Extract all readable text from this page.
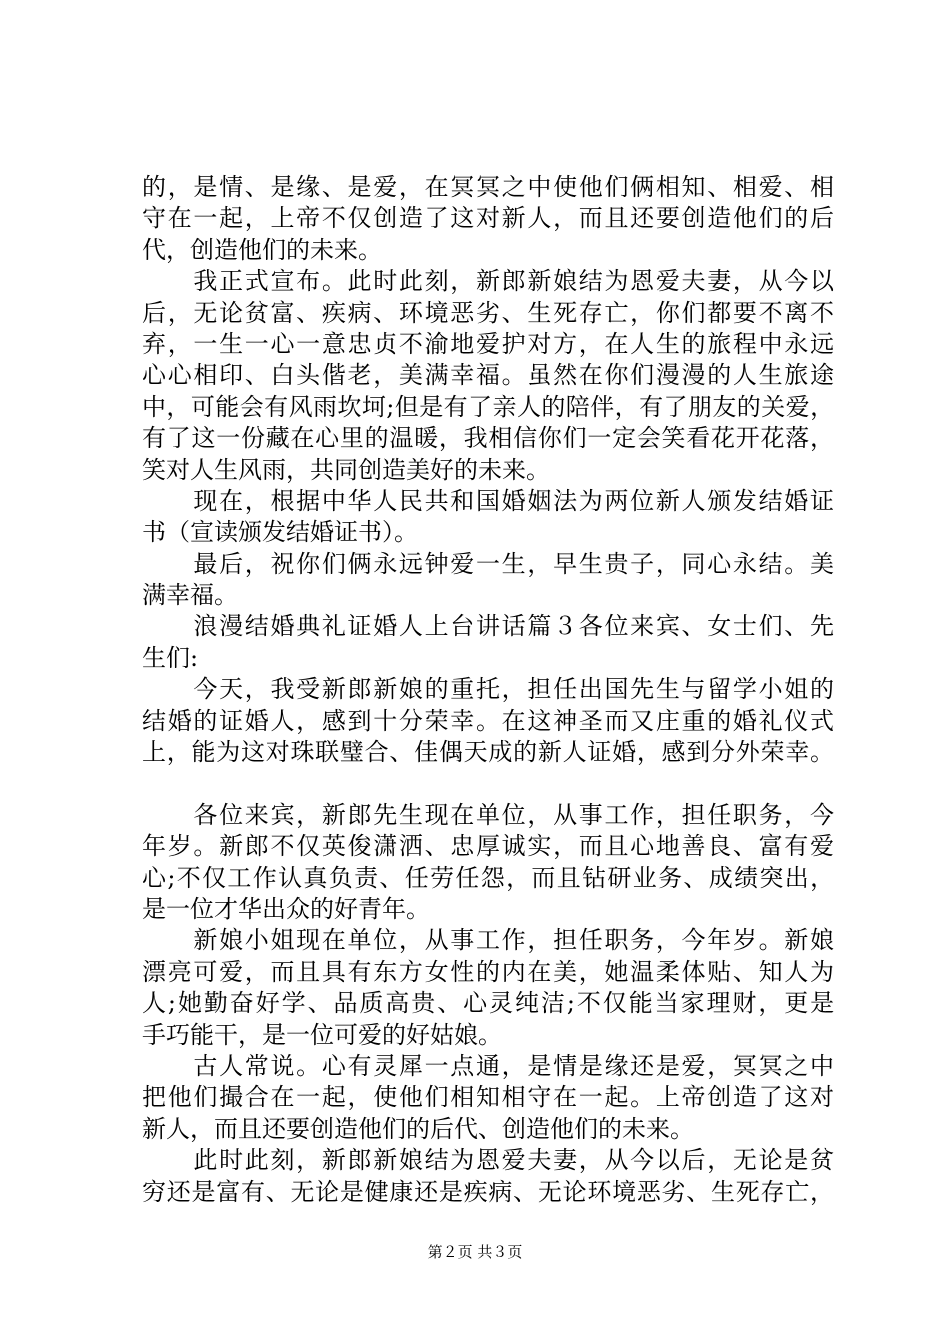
的，是情、是缘、是爱，在冥冥之中使他们俩相知、相爱、相
守在一起，上帝不仅创造了这对新人，而且还要创造他们的后
代，创造他们的未来。
　　我正式宣布。此时此刻，新郎新娘结为恩爱夫妻，从今以
后，无论贫富、疾病、环境恶劣、生死存亡，你们都要不离不
弃，一生一心一意忠贞不渝地爱护对方，在人生的旅程中永远
心心相印、白头偕老，美满幸福。虽然在你们漫漫的人生旅途
中，可能会有风雨坎坷;但是有了亲人的陪伴，有了朋友的关爱，
有了这一份藏在心里的温暖，我相信你们一定会笑看花开花落，
笑对人生风雨，共同创造美好的未来。
　　现在，根据中华人民共和国婚姻法为两位新人颁发结婚证
书（宣读颁发结婚证书）。
　　最后，祝你们俩永远钟爱一生，早生贵子，同心永结。美
满幸福。
　　浪漫结婚典礼证婚人上台讲话篇３各位来宾、女士们、先
生们:
　　今天，我受新郎新娘的重托，担任出国先生与留学小姐的
结婚的证婚人，感到十分荣幸。在这神圣而又庄重的婚礼仪式
上，能为这对珠联璧合、佳偶天成的新人证婚，感到分外荣幸。
　　各位来宾，新郎先生现在单位，从事工作，担任职务，今
年岁。新郎不仅英俊潇洒、忠厚诚实，而且心地善良、富有爱
心;不仅工作认真负责、任劳任怨，而且钻研业务、成绩突出，
是一位才华出众的好青年。
　　新娘小姐现在单位，从事工作，担任职务，今年岁。新娘
漂亮可爱，而且具有东方女性的内在美，她温柔体贴、知人为
人;她勤奋好学、品质高贵、心灵纯洁;不仅能当家理财，更是
手巧能干，是一位可爱的好姑娘。
　　古人常说。心有灵犀一点通，是情是缘还是爱，冥冥之中
把他们撮合在一起，使他们相知相守在一起。上帝创造了这对
新人，而且还要创造他们的后代、创造他们的未来。
　　此时此刻，新郎新娘结为恩爱夫妻，从今以后，无论是贫
穷还是富有、无论是健康还是疾病、无论环境恶劣、生死存亡，
第２页 共３页
